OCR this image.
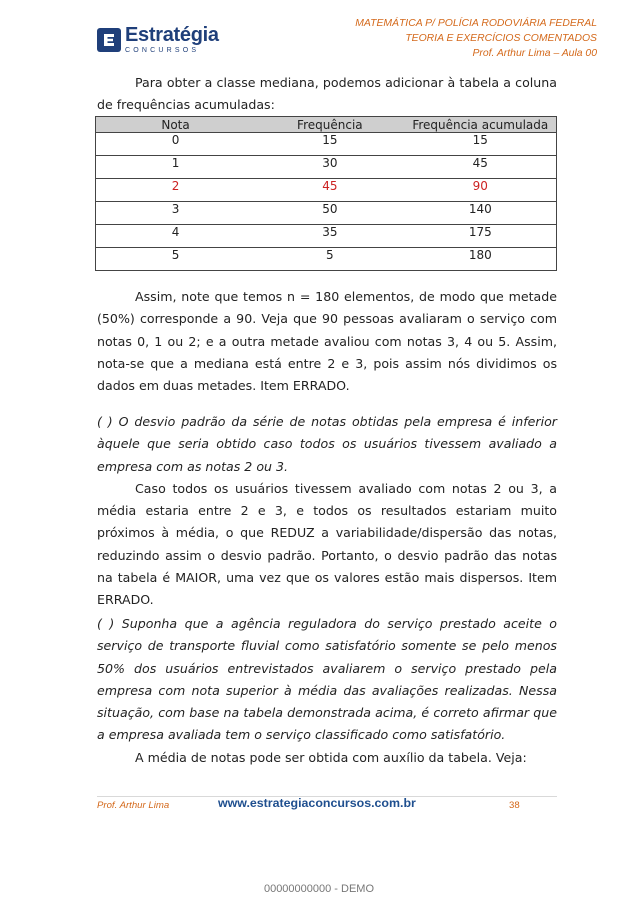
Estratégia
CONCURSOS
MATEMÁTICA P/ POLÍCIA RODOVIÁRIA FEDERAL
TEORIA E EXERCÍCIOS COMENTADOS
Prof. Arthur Lima – Aula 00

Para obter a classe mediana, podemos adicionar à tabela a coluna de frequências acumuladas:

Nota	Frequência	Frequência acumulada
0	15	15
1	30	45
2	45	90
3	50	140
4	35	175
5	5	180

Assim, note que temos n = 180 elementos, de modo que metade (50%) corresponde a 90. Veja que 90 pessoas avaliaram o serviço com notas 0, 1 ou 2; e a outra metade avaliou com notas 3, 4 ou 5. Assim, nota-se que a mediana está entre 2 e 3, pois assim nós dividimos os dados em duas metades. Item ERRADO.

( ) O desvio padrão da série de notas obtidas pela empresa é inferior àquele que seria obtido caso todos os usuários tivessem avaliado a empresa com as notas 2 ou 3.

Caso todos os usuários tivessem avaliado com notas 2 ou 3, a média estaria entre 2 e 3, e todos os resultados estariam muito próximos à média, o que REDUZ a variabilidade/dispersão das notas, reduzindo assim o desvio padrão. Portanto, o desvio padrão das notas na tabela é MAIOR, uma vez que os valores estão mais dispersos. Item ERRADO.

( ) Suponha que a agência reguladora do serviço prestado aceite o serviço de transporte fluvial como satisfatório somente se pelo menos 50% dos usuários entrevistados avaliarem o serviço prestado pela empresa com nota superior à média das avaliações realizadas. Nessa situação, com base na tabela demonstrada acima, é correto afirmar que a empresa avaliada tem o serviço classificado como satisfatório.

A média de notas pode ser obtida com auxílio da tabela. Veja:

Prof. Arthur Lima	www.estrategiaconcursos.com.br	38
00000000000 - DEMO
